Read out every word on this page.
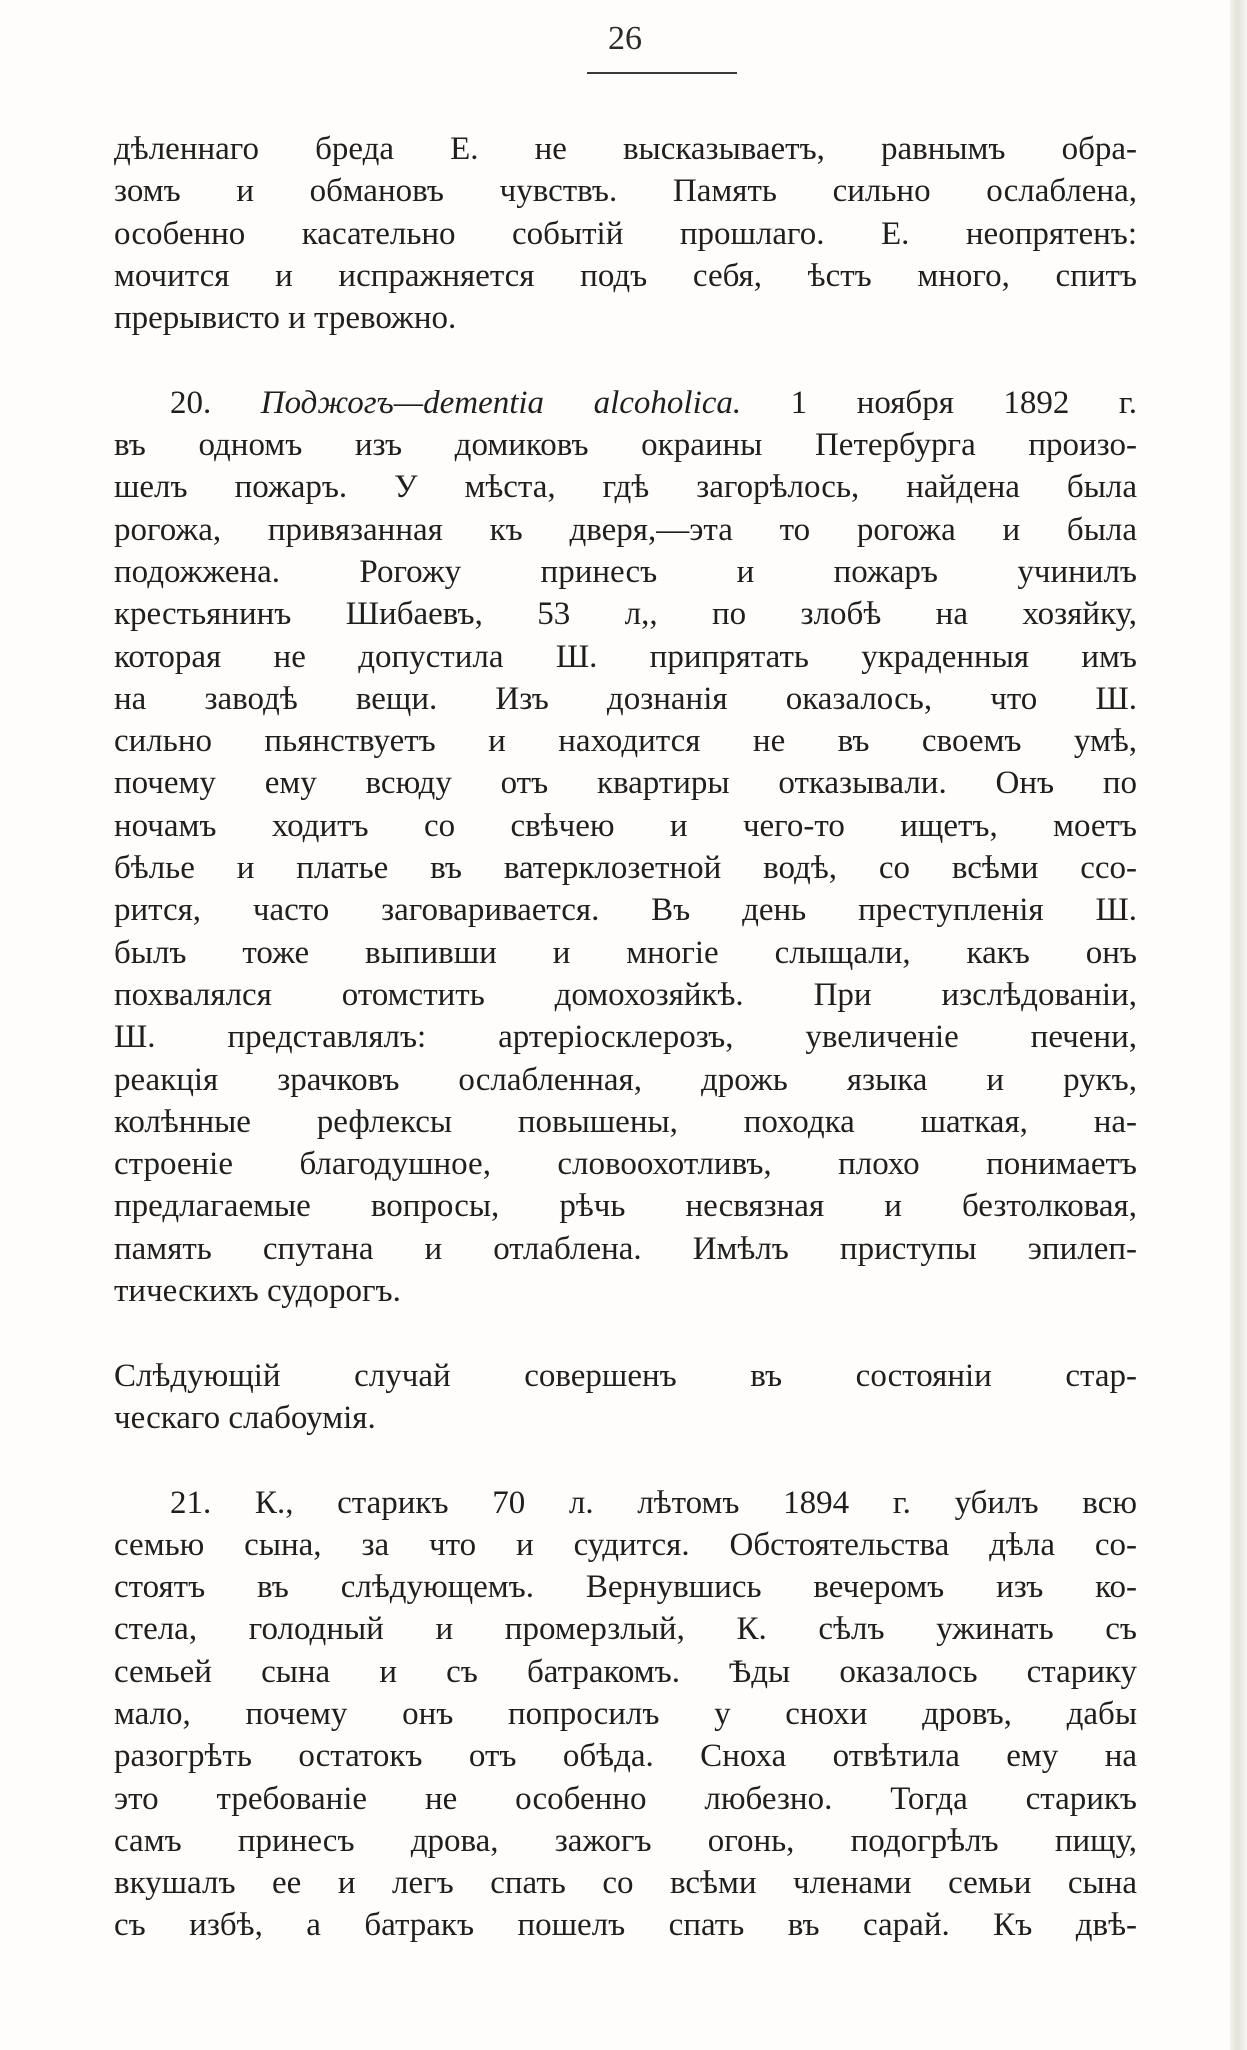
26
дѣленнаго бреда Е. не высказываетъ, равнымъ обра-
зомъ и обмановъ чувствъ. Память сильно ослаблена,
особенно касательно событій прошлаго. Е. неопрятенъ:
мочится и испражняется подъ себя, ѣстъ много, спитъ
прерывисто и тревожно.
20. Поджогъ—dementia alcoholica. 1 ноября 1892 г.
въ одномъ изъ домиковъ окраины Петербурга произо-
шелъ пожаръ. У мѣста, гдѣ загорѣлось, найдена была
рогожа, привязанная къ дверя,—эта то рогожа и была
подожжена. Рогожу принесъ и пожаръ учинилъ
крестьянинъ Шибаевъ, 53 л,, по злобѣ на хозяйку,
которая не допустила Ш. припрятать украденныя имъ
на заводѣ вещи. Изъ дознанія оказалось, что Ш.
сильно пьянствуетъ и находится не въ своемъ умѣ,
почему ему всюду отъ квартиры отказывали. Онъ по
ночамъ ходитъ со свѣчею и чего-то ищетъ, моетъ
бѣлье и платье въ ватерклозетной водѣ, со всѣми ссо-
рится, часто заговаривается. Въ день преступленія Ш.
былъ тоже выпивши и многіе слыщали, какъ онъ
похвалялся отомстить домохозяйкѣ. При изслѣдованіи,
Ш. представлялъ: артеріосклерозъ, увеличеніе печени,
реакція зрачковъ ослабленная, дрожь языка и рукъ,
колѣнные рефлексы повышены, походка шаткая, на-
строеніе благодушное, словоохотливъ, плохо понимаетъ
предлагаемые вопросы, рѣчь несвязная и безтолковая,
память спутана и отлаблена. Имѣлъ приступы эпилеп-
тическихъ судорогъ.
Слѣдующій случай совершенъ въ состояніи стар-
ческаго слабоумія.
21. К., старикъ 70 л. лѣтомъ 1894 г. убилъ всю
семью сына, за что и судится. Обстоятельства дѣла со-
стоятъ въ слѣдующемъ. Вернувшись вечеромъ изъ ко-
стела, голодный и промерзлый, К. сѣлъ ужинать съ
семьей сына и съ батракомъ. Ѣды оказалось старику
мало, почему онъ попросилъ у снохи дровъ, дабы
разогрѣть остатокъ отъ обѣда. Сноха отвѣтила ему на
это требованіе не особенно любезно. Тогда старикъ
самъ принесъ дрова, зажогъ огонь, подогрѣлъ пищу,
вкушалъ ее и легъ спать со всѣми членами семьи сына
съ избѣ, а батракъ пошелъ спать въ сарай. Къ двѣ-
